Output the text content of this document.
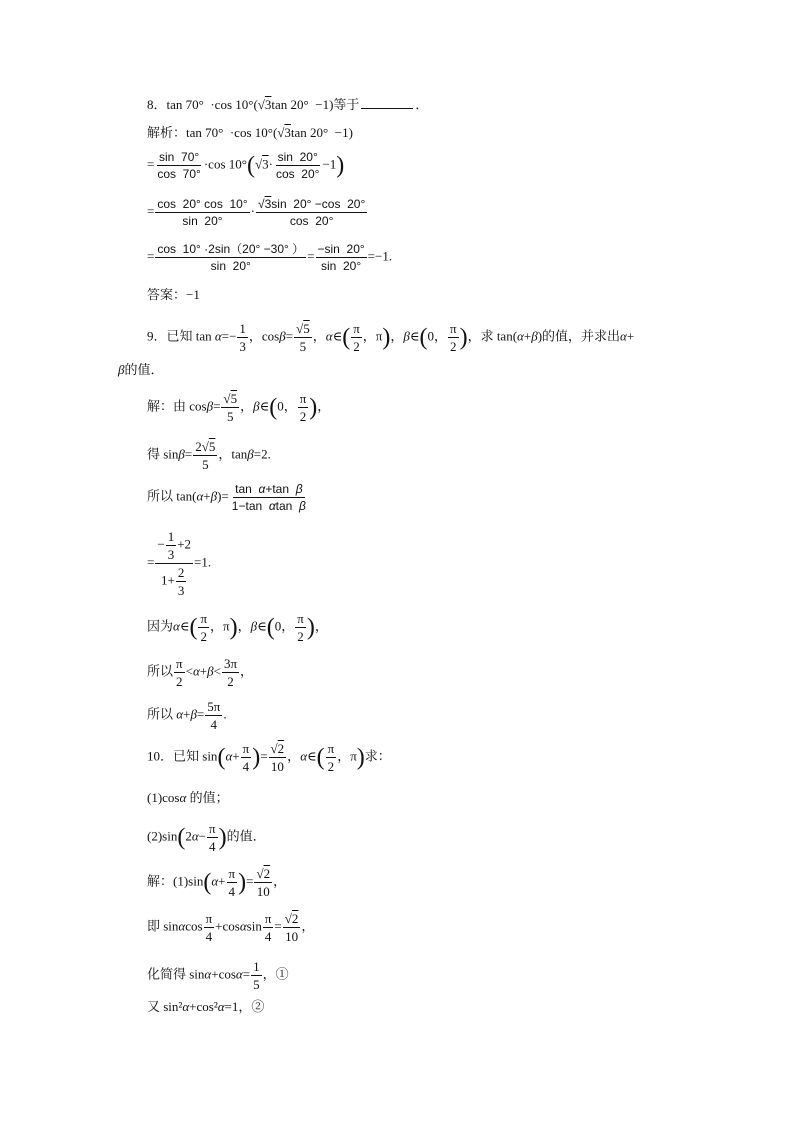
8．tan 70°  ·cos 10°(√3tan 20°  −1)等于	．
解析：tan 70°  ·cos 10°(√3tan 20°  −1)
= $\frac{\sin 70^\circ}{\cos 70^\circ} \cdot\cos$ $10^\circ(√3\cdot \frac{\sin 20^\circ}{\cos 20^\circ} -1)$
= $\frac{\cos 20^\circ \cos 10^\circ}{\sin 20^\circ} \cdot \frac{√3\sin 20^\circ -\cos 20^\circ}{\cos 20^\circ}$
= $\frac{\cos 10^\circ \cdot 2\sin(20^\circ -30^\circ )}{\sin 20^\circ} = \frac{-\sin 20^\circ}{\sin 20^\circ} =-1$.
答案：−1
9．已知 $\tan \alpha=- \frac{1}{3}$ ，$\cos\beta= \frac{√5}{5}$ ，α∈( $\frac{\pi}{2}$ ，π)，β∈(0， $\frac{\pi}{2}$ )，求 tan(α+β)的值，并求出α+
β的值．
解：由 $\cos\beta= \frac{√5}{5}$ ，β∈(0， $\frac{\pi}{2}$ )，
得 $\sin\beta= \frac{2√5}{5}$ ，tanβ=2.
所以 $\tan(\alpha+\beta)= \frac{\text{tan  α+tan  β}}{\text{1−tan  αtan  β}}$
= $\frac{- \frac{1}{3} +2}{1+ \frac{2}{3}} =1$.
因为α∈( $\frac{\pi}{2}$ ，π)，β∈(0， $\frac{\pi}{2}$ )，
所以 $\frac{\pi}{2} <\alpha+\beta< \frac{3\pi}{2}$ ，
所以 $\alpha+\beta= \frac{5\pi}{4}$ .
10．已知 $\sin(\alpha+ \frac{\pi}{4}$ )= $\frac{√2}{10}$ ，α∈( $\frac{\pi}{2}$ ，π)求：
(1)cosα 的值；
$(2)\sin(2\alpha- \frac{\pi}{4}$ )的值．
解：$(1)\sin(\alpha+ \frac{\pi}{4}$ )= $\frac{√2}{10}$ ，
即 sinαcos $\frac{\pi}{4} +\cos\alpha\sin \frac{\pi}{4} = \frac{√2}{10}$ ，
化简得 $\sin\alpha+\cos\alpha= \frac{1}{5}$ ，①
又 sin²α+cos²α=1，②
